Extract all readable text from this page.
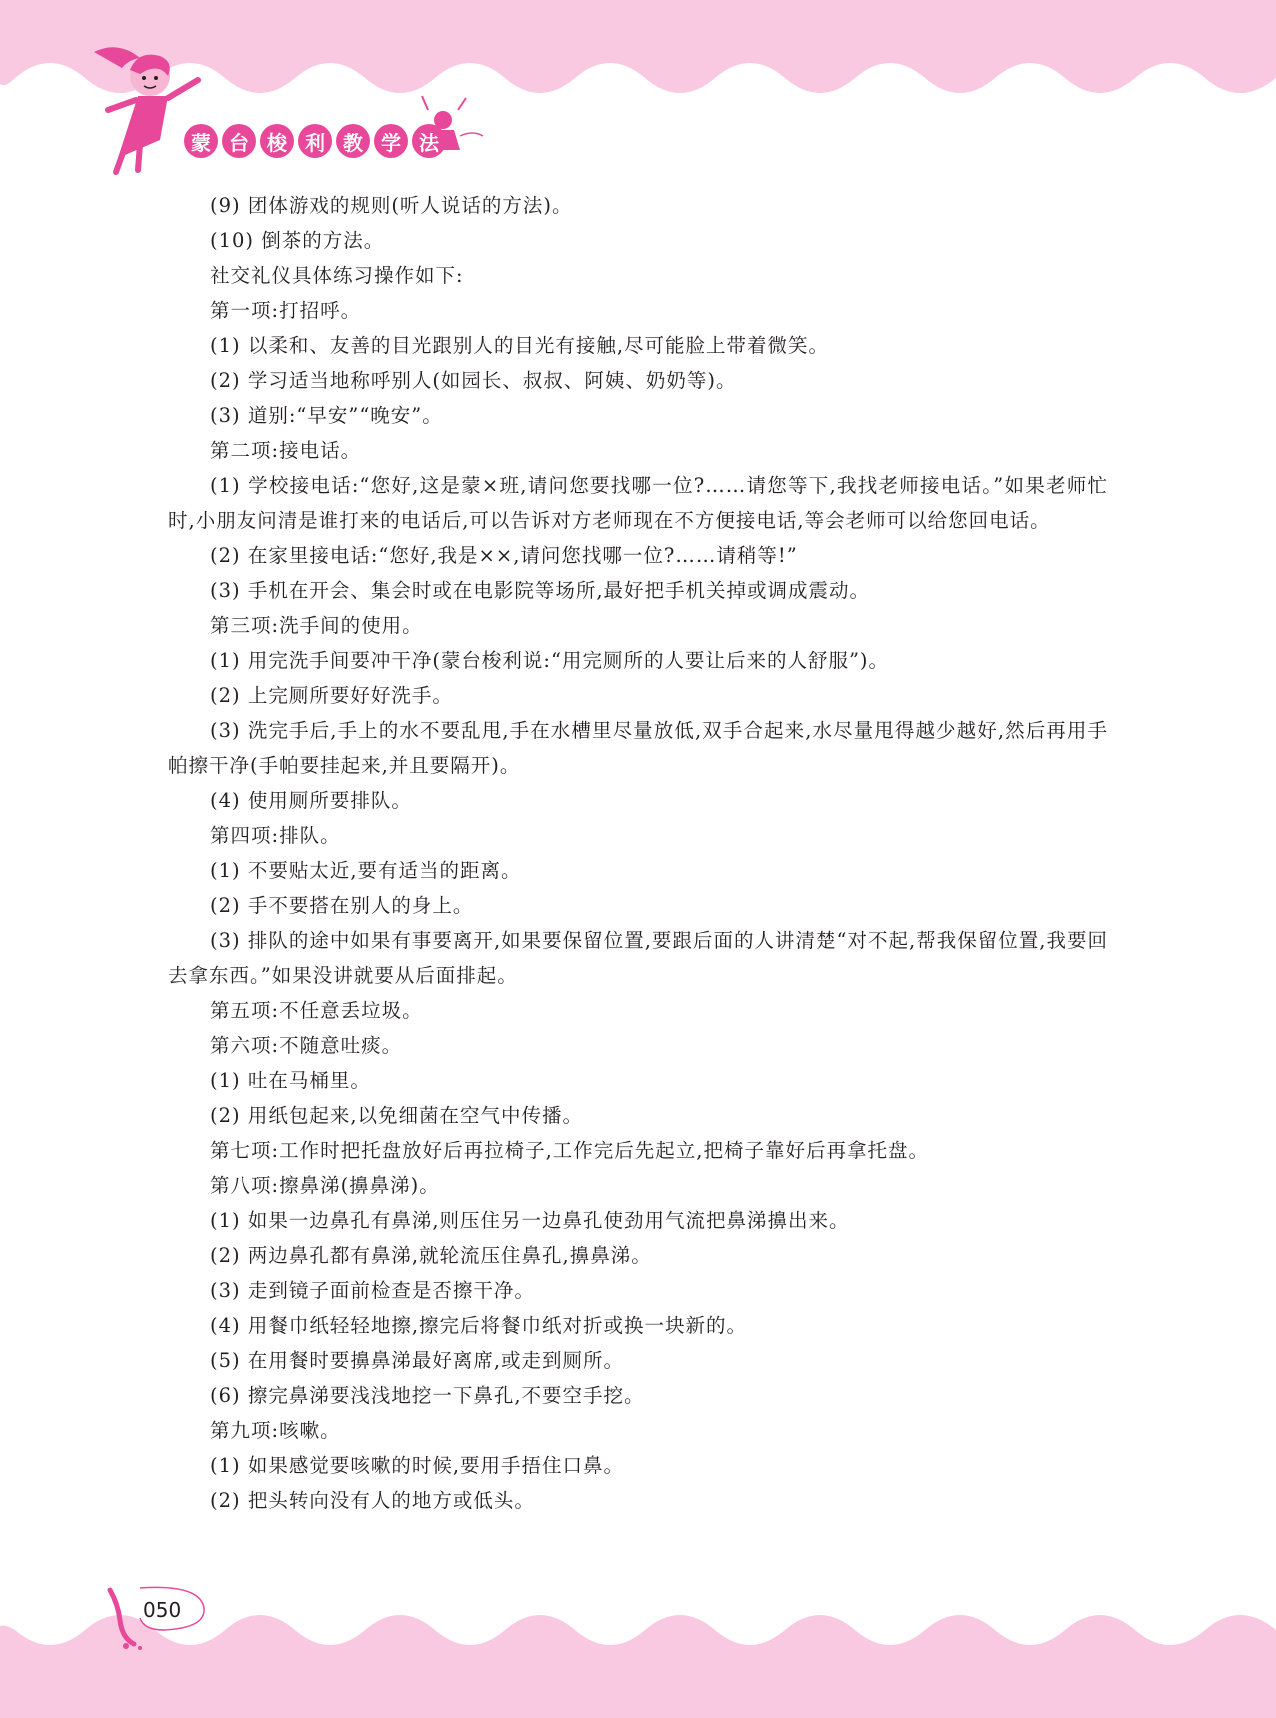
蒙 台 梭 利 教 学 法

(9) 团体游戏的规则(听人说话的方法)。

(10) 倒茶的方法。

社交礼仪具体练习操作如下:

第一项:打招呼。

(1) 以柔和、友善的目光跟别人的目光有接触,尽可能脸上带着微笑。

(2) 学习适当地称呼别人(如园长、叔叔、阿姨、奶奶等)。

(3) 道别:“早安”“晚安”。

第二项:接电话。

(1) 学校接电话:“您好,这是蒙×班,请问您要找哪一位?……请您等下,我找老师接电话。”如果老师忙时,小朋友问清是谁打来的电话后,可以告诉对方老师现在不方便接电话,等会老师可以给您回电话。

(2) 在家里接电话:“您好,我是××,请问您找哪一位?……请稍等!”

(3) 手机在开会、集会时或在电影院等场所,最好把手机关掉或调成震动。

第三项:洗手间的使用。

(1) 用完洗手间要冲干净(蒙台梭利说:“用完厕所的人要让后来的人舒服”)。

(2) 上完厕所要好好洗手。

(3) 洗完手后,手上的水不要乱甩,手在水槽里尽量放低,双手合起来,水尽量甩得越少越好,然后再用手帕擦干净(手帕要挂起来,并且要隔开)。

(4) 使用厕所要排队。

第四项:排队。

(1) 不要贴太近,要有适当的距离。

(2) 手不要搭在别人的身上。

(3) 排队的途中如果有事要离开,如果要保留位置,要跟后面的人讲清楚“对不起,帮我保留位置,我要回去拿东西。”如果没讲就要从后面排起。

第五项:不任意丢垃圾。

第六项:不随意吐痰。

(1) 吐在马桶里。

(2) 用纸包起来,以免细菌在空气中传播。

第七项:工作时把托盘放好后再拉椅子,工作完后先起立,把椅子靠好后再拿托盘。

第八项:擦鼻涕(擤鼻涕)。

(1) 如果一边鼻孔有鼻涕,则压住另一边鼻孔使劲用气流把鼻涕擤出来。

(2) 两边鼻孔都有鼻涕,就轮流压住鼻孔,擤鼻涕。

(3) 走到镜子面前检查是否擦干净。

(4) 用餐巾纸轻轻地擦,擦完后将餐巾纸对折或换一块新的。

(5) 在用餐时要擤鼻涕最好离席,或走到厕所。

(6) 擦完鼻涕要浅浅地挖一下鼻孔,不要空手挖。

第九项:咳嗽。

(1) 如果感觉要咳嗽的时候,要用手捂住口鼻。

(2) 把头转向没有人的地方或低头。

050
